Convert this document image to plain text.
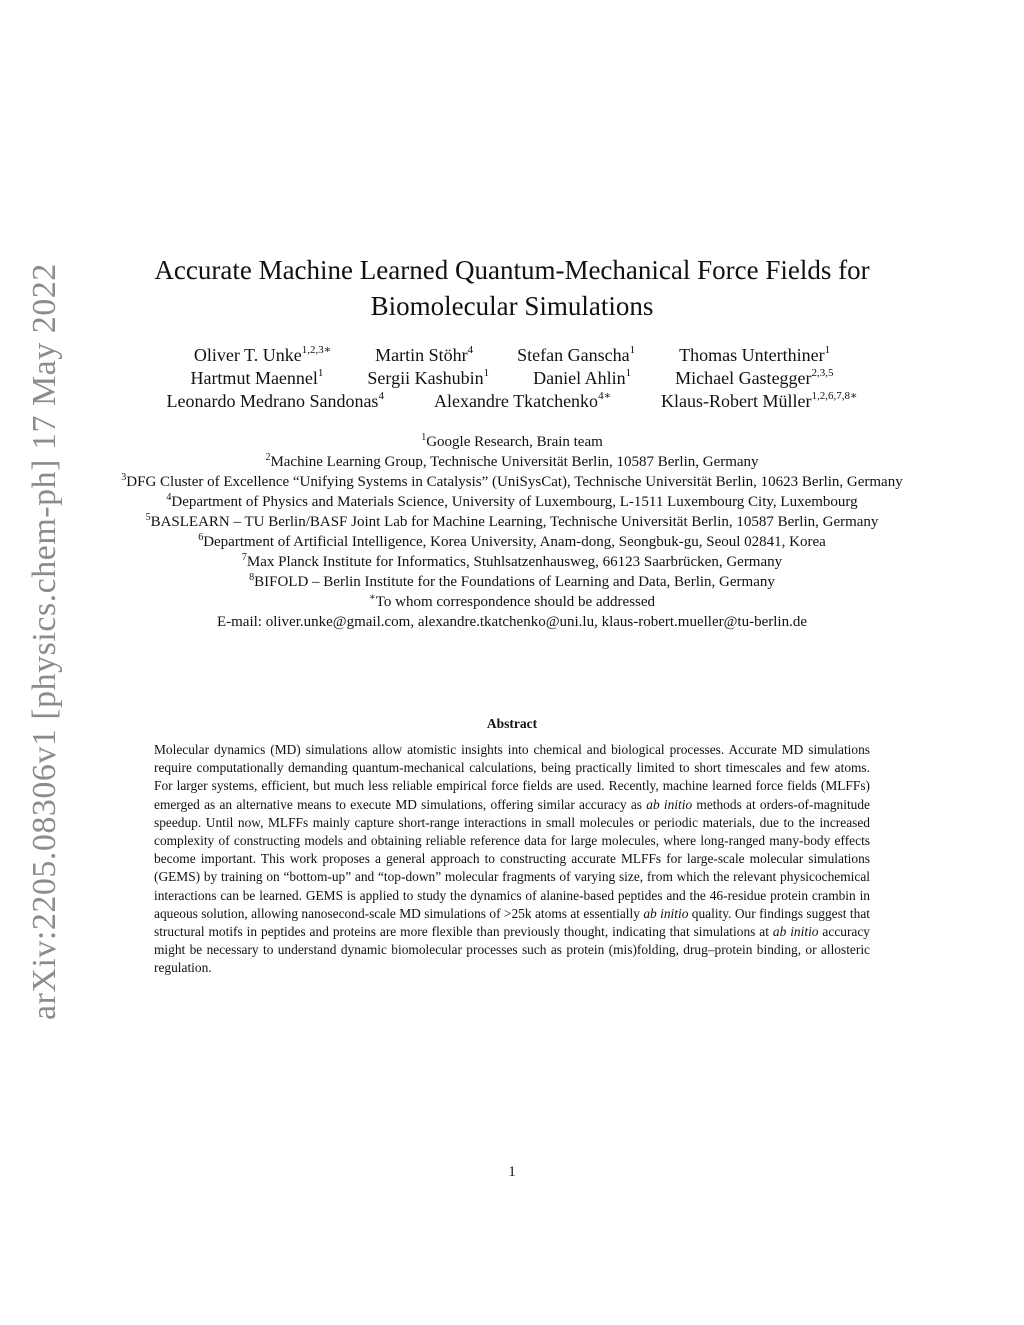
arXiv:2205.08306v1 [physics.chem-ph] 17 May 2022	Accurate Machine Learned Quantum-Mechanical Force Fields for
Biomolecular Simulations
Oliver T. Unke$^{1,2,3∗}$ Martin Stöhr$^4$ Stefan Ganscha$^1$ Thomas Unterthiner$^1$
Hartmut Maennel$^1$ Sergii Kashubin$^1$ Daniel Ahlin$^1$ Michael Gastegger$^{2,3,5}$
Leonardo Medrano Sandonas$^4$	Alexandre Tkatchenko$^{4∗}$	Klaus-Robert Müller$^{1,2,6,7,8∗}$
$^1$Google Research, Brain team
$^2$Machine Learning Group, Technische Universität Berlin, 10587 Berlin, Germany
$^3$DFG Cluster of Excellence “Unifying Systems in Catalysis” (UniSysCat), Technische Universität Berlin, 10623 Berlin, Germany
$^4$Department of Physics and Materials Science, University of Luxembourg, L-1511 Luxembourg City, Luxembourg
$^5$BASLEARN – TU Berlin/BASF Joint Lab for Machine Learning, Technische Universität Berlin, 10587 Berlin, Germany
$^6$Department of Artificial Intelligence, Korea University, Anam-dong, Seongbuk-gu, Seoul 02841, Korea
$^7$Max Planck Institute for Informatics, Stuhlsatzenhausweg, 66123 Saarbrücken, Germany
$^8$BIFOLD – Berlin Institute for the Foundations of Learning and Data, Berlin, Germany
∗To whom correspondence should be addressed
E-mail: oliver.unke@gmail.com, alexandre.tkatchenko@uni.lu, klaus-robert.mueller@tu-berlin.de
Abstract
Molecular dynamics (MD) simulations allow atomistic insights into chemical and biological processes. Accurate MD simulations require computationally demanding quantum-mechanical calculations, being practically limited to short timescales and few atoms. For larger systems, efficient, but much less reliable empirical force fields are used. Recently, machine learned force fields (MLFFs) emerged as an alternative means to execute MD simulations, offering similar accuracy as ab initio methods at orders-of-magnitude speedup. Until now, MLFFs mainly capture short-range interactions in small molecules or periodic materials, due to the increased complexity of constructing models and obtaining reliable reference data for large molecules, where long-ranged many-body effects become important. This work proposes a general approach to constructing accurate MLFFs for large-scale molecular simulations (GEMS) by training on “bottom-up” and “top-down” molecular fragments of varying size, from which the relevant physicochemical interactions can be learned. GEMS is applied to study the dynamics of alanine-based peptides and the 46-residue protein crambin in aqueous solution, allowing nanosecond-scale MD simulations of >25k atoms at essentially ab initio quality. Our findings suggest that structural motifs in peptides and proteins are more flexible than previously thought, indicating that simulations at ab initio accuracy might be necessary to understand dynamic biomolecular processes such as protein (mis)folding, drug–protein binding, or allosteric regulation.
1
